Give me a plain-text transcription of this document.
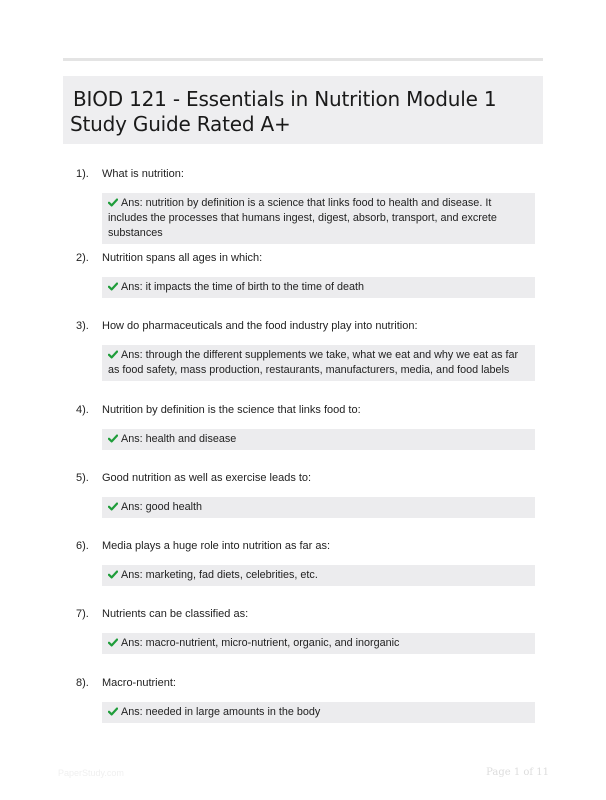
BIOD 121 - Essentials in Nutrition Module 1
Study Guide Rated A+
1). What is nutrition:
Ans: nutrition by definition is a science that links food to health and disease. It includes the processes that humans ingest, digest, absorb, transport, and excrete substances
2). Nutrition spans all ages in which:
Ans: it impacts the time of birth to the time of death
3). How do pharmaceuticals and the food industry play into nutrition:
Ans: through the different supplements we take, what we eat and why we eat as far as food safety, mass production, restaurants, manufacturers, media, and food labels
4). Nutrition by definition is the science that links food to:
Ans: health and disease
5). Good nutrition as well as exercise leads to:
Ans: good health
6). Media plays a huge role into nutrition as far as:
Ans: marketing, fad diets, celebrities, etc.
7). Nutrients can be classified as:
Ans: macro-nutrient, micro-nutrient, organic, and inorganic
8). Macro-nutrient:
Ans: needed in large amounts in the body
PaperStudy.com	Page 1 of 11
